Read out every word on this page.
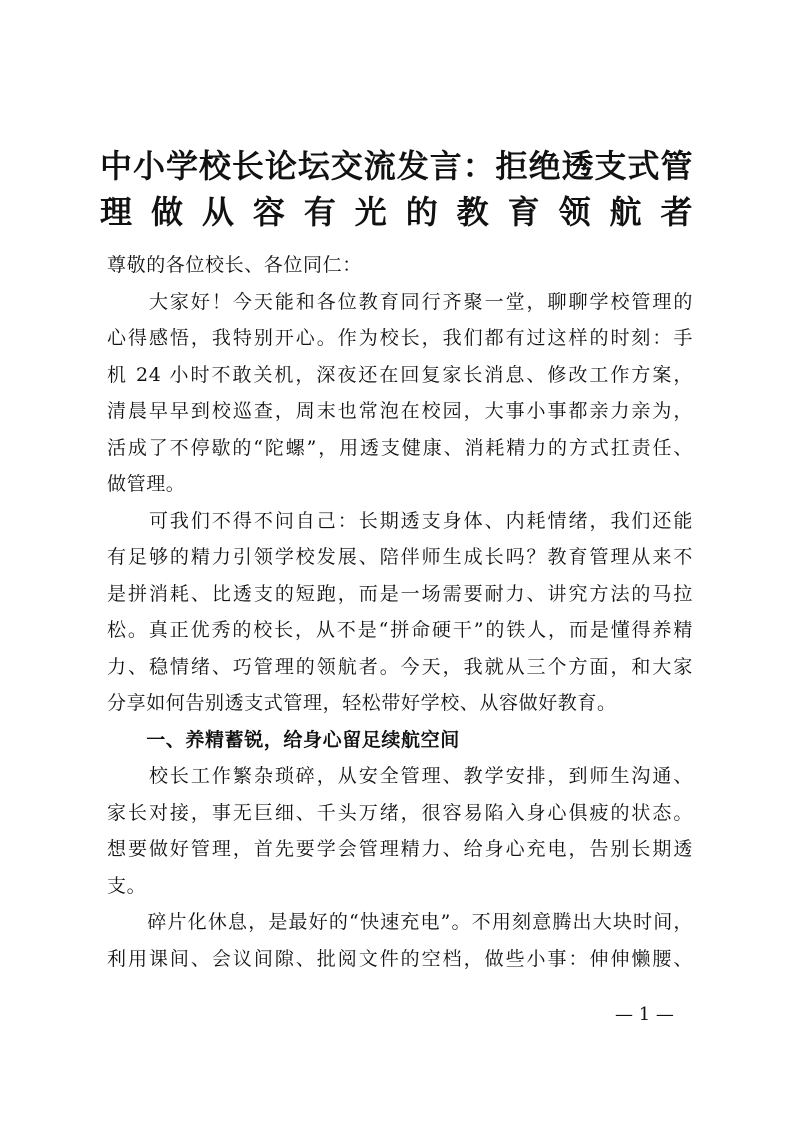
中小学校长论坛交流发言：拒绝透支式管
理做从容有光的教育领航者

尊敬的各位校长、各位同仁：

　　大家好！今天能和各位教育同行齐聚一堂，聊聊学校管理的
心得感悟，我特别开心。作为校长，我们都有过这样的时刻：手
机 24 小时不敢关机，深夜还在回复家长消息、修改工作方案，
清晨早早到校巡查，周末也常泡在校园，大事小事都亲力亲为，
活成了不停歇的“陀螺”，用透支健康、消耗精力的方式扛责任、
做管理。

　　可我们不得不问自己：长期透支身体、内耗情绪，我们还能
有足够的精力引领学校发展、陪伴师生成长吗？教育管理从来不
是拼消耗、比透支的短跑，而是一场需要耐力、讲究方法的马拉
松。真正优秀的校长，从不是“拼命硬干”的铁人，而是懂得养精
力、稳情绪、巧管理的领航者。今天，我就从三个方面，和大家
分享如何告别透支式管理，轻松带好学校、从容做好教育。

　　一、养精蓄锐，给身心留足续航空间

　　校长工作繁杂琐碎，从安全管理、教学安排，到师生沟通、
家长对接，事无巨细、千头万绪，很容易陷入身心俱疲的状态。
想要做好管理，首先要学会管理精力、给身心充电，告别长期透
支。

　　碎片化休息，是最好的“快速充电”。不用刻意腾出大块时间，
利用课间、会议间隙、批阅文件的空档，做些小事：伸伸懒腰、

— 1 —
